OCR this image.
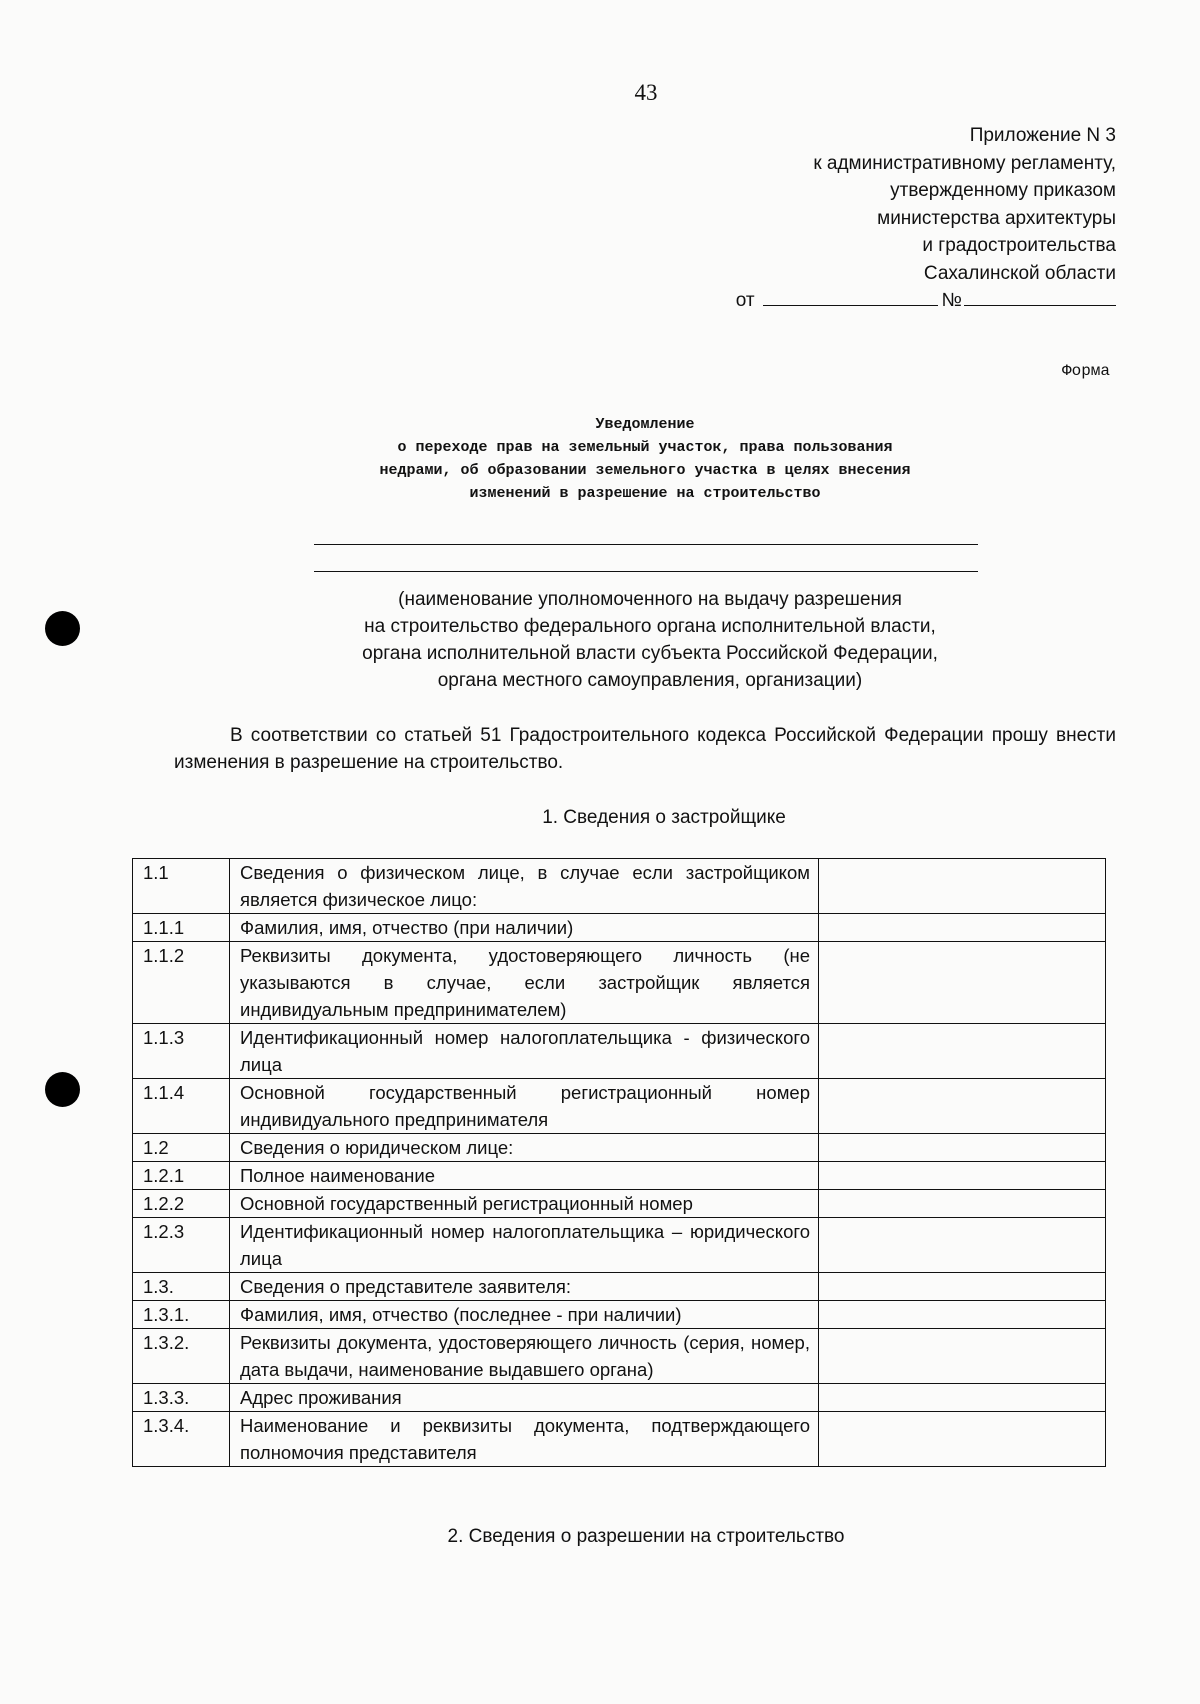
43
Приложение N 3
к административному регламенту,
утвержденному приказом
министерства архитектуры
и градостроительства
Сахалинской области
от	№
Форма
Уведомление
о переходе прав на земельный участок, права пользования
недрами, об образовании земельного участка в целях внесения
изменений в разрешение на строительство
(наименование уполномоченного на выдачу разрешения
на строительство федерального органа исполнительной власти,
органа исполнительной власти субъекта Российской Федерации,
органа местного самоуправления, организации)
В соответствии со статьей 51 Градостроительного кодекса Российской Федерации прошу внести изменения в разрешение на строительство.
1. Сведения о застройщике
1.1	Сведения о физическом лице, в случае если застройщиком является физическое лицо:	
1.1.1	Фамилия, имя, отчество (при наличии)	
1.1.2	Реквизиты документа, удостоверяющего личность (не указываются в случае, если застройщик является индивидуальным предпринимателем)	
1.1.3	Идентификационный номер налогоплательщика - физического лица	
1.1.4	Основной государственный регистрационный номер индивидуального предпринимателя	
1.2	Сведения о юридическом лице:	
1.2.1	Полное наименование	
1.2.2	Основной государственный регистрационный номер	
1.2.3	Идентификационный номер налогоплательщика – юридического лица	
1.3.	Сведения о представителе заявителя:	
1.3.1.	Фамилия, имя, отчество (последнее - при наличии)	
1.3.2.	Реквизиты документа, удостоверяющего личность (серия, номер, дата выдачи, наименование выдавшего органа)	
1.3.3.	Адрес проживания	
1.3.4.	Наименование и реквизиты документа, подтверждающего полномочия представителя	
2. Сведения о разрешении на строительство
